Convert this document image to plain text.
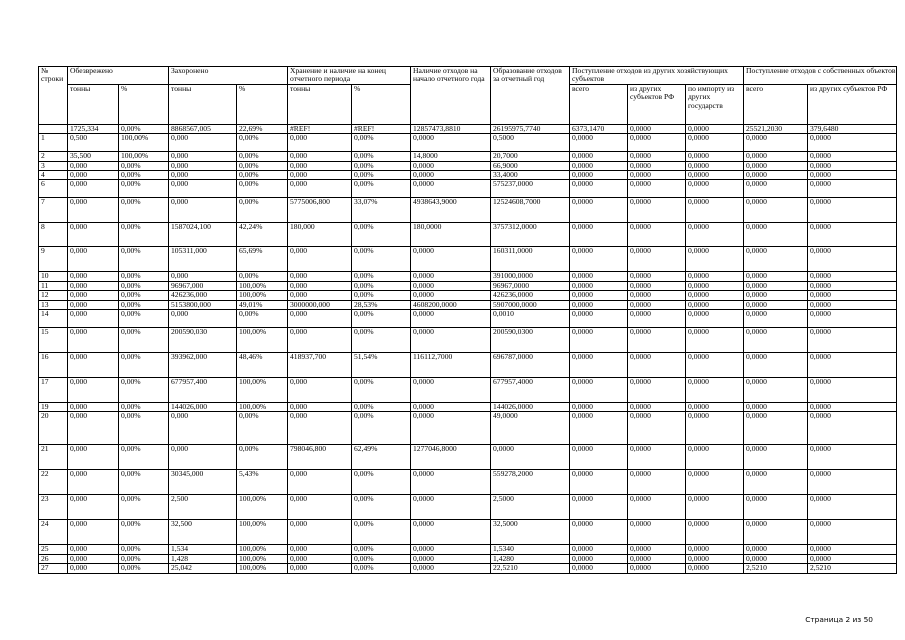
№ строки	Обезврежено		Захоронено		Хранение и наличие на конец отчетного периода		Наличие отходов на начало отчетного года	Образование отходов за отчетный год	Поступление отходов из других хозяйствующих субъектов			Поступление отходов с собственных объектов	
	тонны	%	тонны	%	тонны	%			всего	из других субъектов РФ	по импорту из других государств	всего	из других субъектов РФ
	1725,334	0,00%	8868567,005	22,69%	#REF!	#REF!	12857473,8810	26195975,7740	6373,1470	0,0000	0,0000	25521,2030	379,6480
1	0,500	100,00%	0,000	0,00%	0,000	0,00%	0,0000	0,5000	0,0000	0,0000	0,0000	0,0000	0,0000
2	35,500	100,00%	0,000	0,00%	0,000	0,00%	14,8000	20,7000	0,0000	0,0000	0,0000	0,0000	0,0000
3	0,000	0,00%	0,000	0,00%	0,000	0,00%	0,0000	66,9000	0,0000	0,0000	0,0000	0,0000	0,0000
4	0,000	0,00%	0,000	0,00%	0,000	0,00%	0,0000	33,4000	0,0000	0,0000	0,0000	0,0000	0,0000
6	0,000	0,00%	0,000	0,00%	0,000	0,00%	0,0000	575237,0000	0,0000	0,0000	0,0000	0,0000	0,0000
7	0,000	0,00%	0,000	0,00%	5775006,800	33,07%	4938643,9000	12524608,7000	0,0000	0,0000	0,0000	0,0000	0,0000
8	0,000	0,00%	1587024,100	42,24%	180,000	0,00%	180,0000	3757312,0000	0,0000	0,0000	0,0000	0,0000	0,0000
9	0,000	0,00%	105311,000	65,69%	0,000	0,00%	0,0000	160311,0000	0,0000	0,0000	0,0000	0,0000	0,0000
10	0,000	0,00%	0,000	0,00%	0,000	0,00%	0,0000	391000,0000	0,0000	0,0000	0,0000	0,0000	0,0000
11	0,000	0,00%	96967,000	100,00%	0,000	0,00%	0,0000	96967,0000	0,0000	0,0000	0,0000	0,0000	0,0000
12	0,000	0,00%	426236,000	100,00%	0,000	0,00%	0,0000	426236,0000	0,0000	0,0000	0,0000	0,0000	0,0000
13	0,000	0,00%	5153800,000	49,01%	3000000,000	28,53%	4608200,0000	5907000,0000	0,0000	0,0000	0,0000	0,0000	0,0000
14	0,000	0,00%	0,000	0,00%	0,000	0,00%	0,0000	0,0010	0,0000	0,0000	0,0000	0,0000	0,0000
15	0,000	0,00%	200590,030	100,00%	0,000	0,00%	0,0000	200590,0300	0,0000	0,0000	0,0000	0,0000	0,0000
16	0,000	0,00%	393962,000	48,46%	418937,700	51,54%	116112,7000	696787,0000	0,0000	0,0000	0,0000	0,0000	0,0000
17	0,000	0,00%	677957,400	100,00%	0,000	0,00%	0,0000	677957,4000	0,0000	0,0000	0,0000	0,0000	0,0000
19	0,000	0,00%	144026,000	100,00%	0,000	0,00%	0,0000	144026,0000	0,0000	0,0000	0,0000	0,0000	0,0000
20	0,000	0,00%	0,000	0,00%	0,000	0,00%	0,0000	49,0000	0,0000	0,0000	0,0000	0,0000	0,0000
21	0,000	0,00%	0,000	0,00%	798046,800	62,49%	1277046,8000	0,0000	0,0000	0,0000	0,0000	0,0000	0,0000
22	0,000	0,00%	30345,000	5,43%	0,000	0,00%	0,0000	559278,2000	0,0000	0,0000	0,0000	0,0000	0,0000
23	0,000	0,00%	2,500	100,00%	0,000	0,00%	0,0000	2,5000	0,0000	0,0000	0,0000	0,0000	0,0000
24	0,000	0,00%	32,500	100,00%	0,000	0,00%	0,0000	32,5000	0,0000	0,0000	0,0000	0,0000	0,0000
25	0,000	0,00%	1,534	100,00%	0,000	0,00%	0,0000	1,5340	0,0000	0,0000	0,0000	0,0000	0,0000
26	0,000	0,00%	1,428	100,00%	0,000	0,00%	0,0000	1,4280	0,0000	0,0000	0,0000	0,0000	0,0000
27	0,000	0,00%	25,042	100,00%	0,000	0,00%	0,0000	22,5210	0,0000	0,0000	0,0000	2,5210	2,5210
Страница 2 из 50
